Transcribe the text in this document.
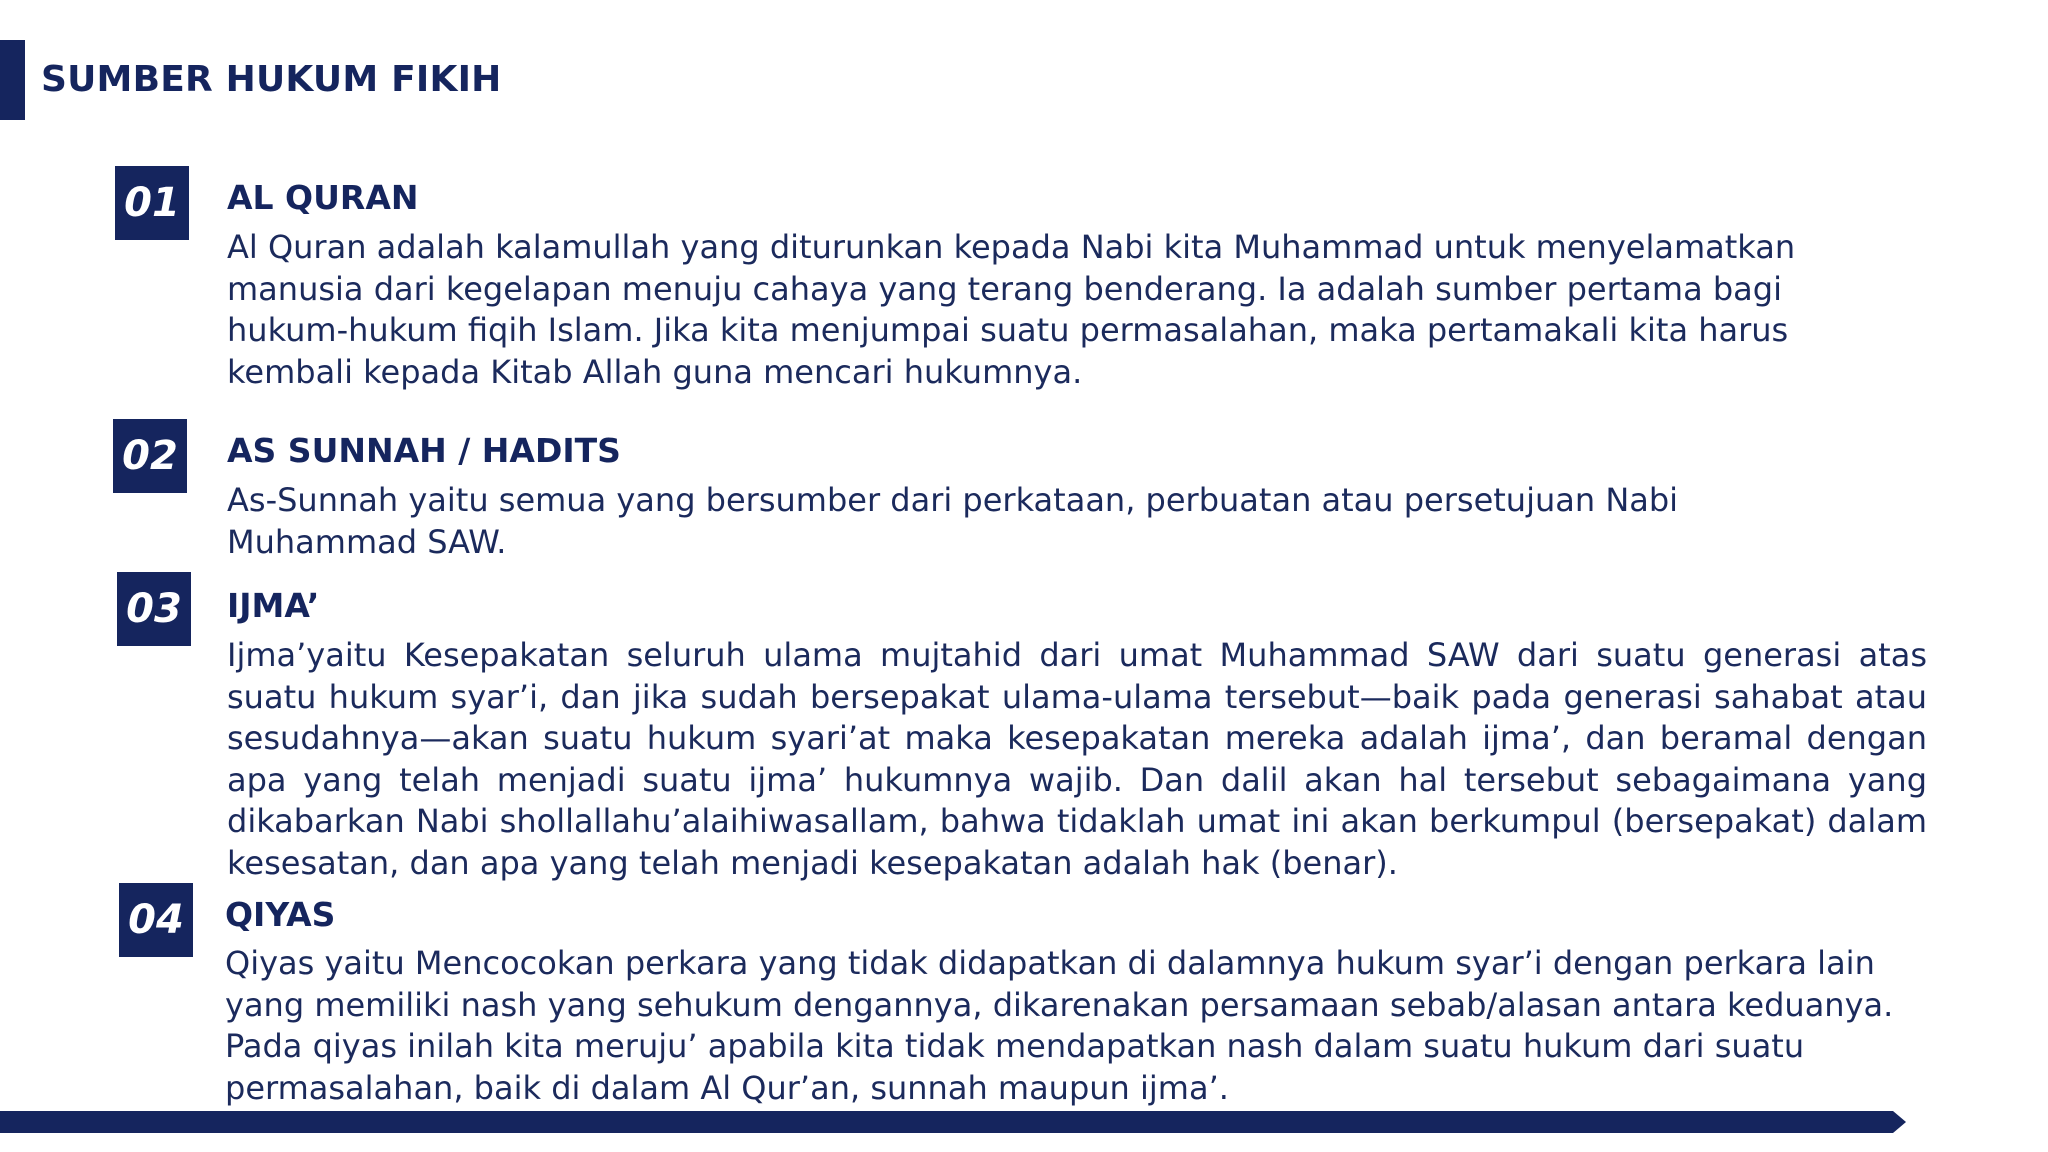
SUMBER HUKUM FIKIH
01 AL QURAN

Al Quran adalah kalamullah yang diturunkan kepada Nabi kita Muhammad untuk menyelamatkan manusia dari kegelapan menuju cahaya yang terang benderang. Ia adalah sumber pertama bagi hukum-hukum fiqih Islam. Jika kita menjumpai suatu permasalahan, maka pertamakali kita harus kembali kepada Kitab Allah guna mencari hukumnya.

02 AS SUNNAH / HADITS

As-Sunnah yaitu semua yang bersumber dari perkataan, perbuatan atau persetujuan Nabi Muhammad SAW.

03 IJMA’

Ijma’yaitu Kesepakatan seluruh ulama mujtahid dari umat Muhammad SAW dari suatu generasi atas suatu hukum syar’i, dan jika sudah bersepakat ulama-ulama tersebut—baik pada generasi sahabat atau sesudahnya—akan suatu hukum syari’at maka kesepakatan mereka adalah ijma’, dan beramal dengan apa yang telah menjadi suatu ijma’ hukumnya wajib. Dan dalil akan hal tersebut sebagaimana yang dikabarkan Nabi shollallahu’alaihiwasallam, bahwa tidaklah umat ini akan berkumpul (bersepakat) dalam kesesatan, dan apa yang telah menjadi kesepakatan adalah hak (benar).

04 QIYAS

Qiyas yaitu Mencocokan perkara yang tidak didapatkan di dalamnya hukum syar’i dengan perkara lain yang memiliki nash yang sehukum dengannya, dikarenakan persamaan sebab/alasan antara keduanya. Pada qiyas inilah kita meruju’ apabila kita tidak mendapatkan nash dalam suatu hukum dari suatu permasalahan, baik di dalam Al Qur’an, sunnah maupun ijma’.
